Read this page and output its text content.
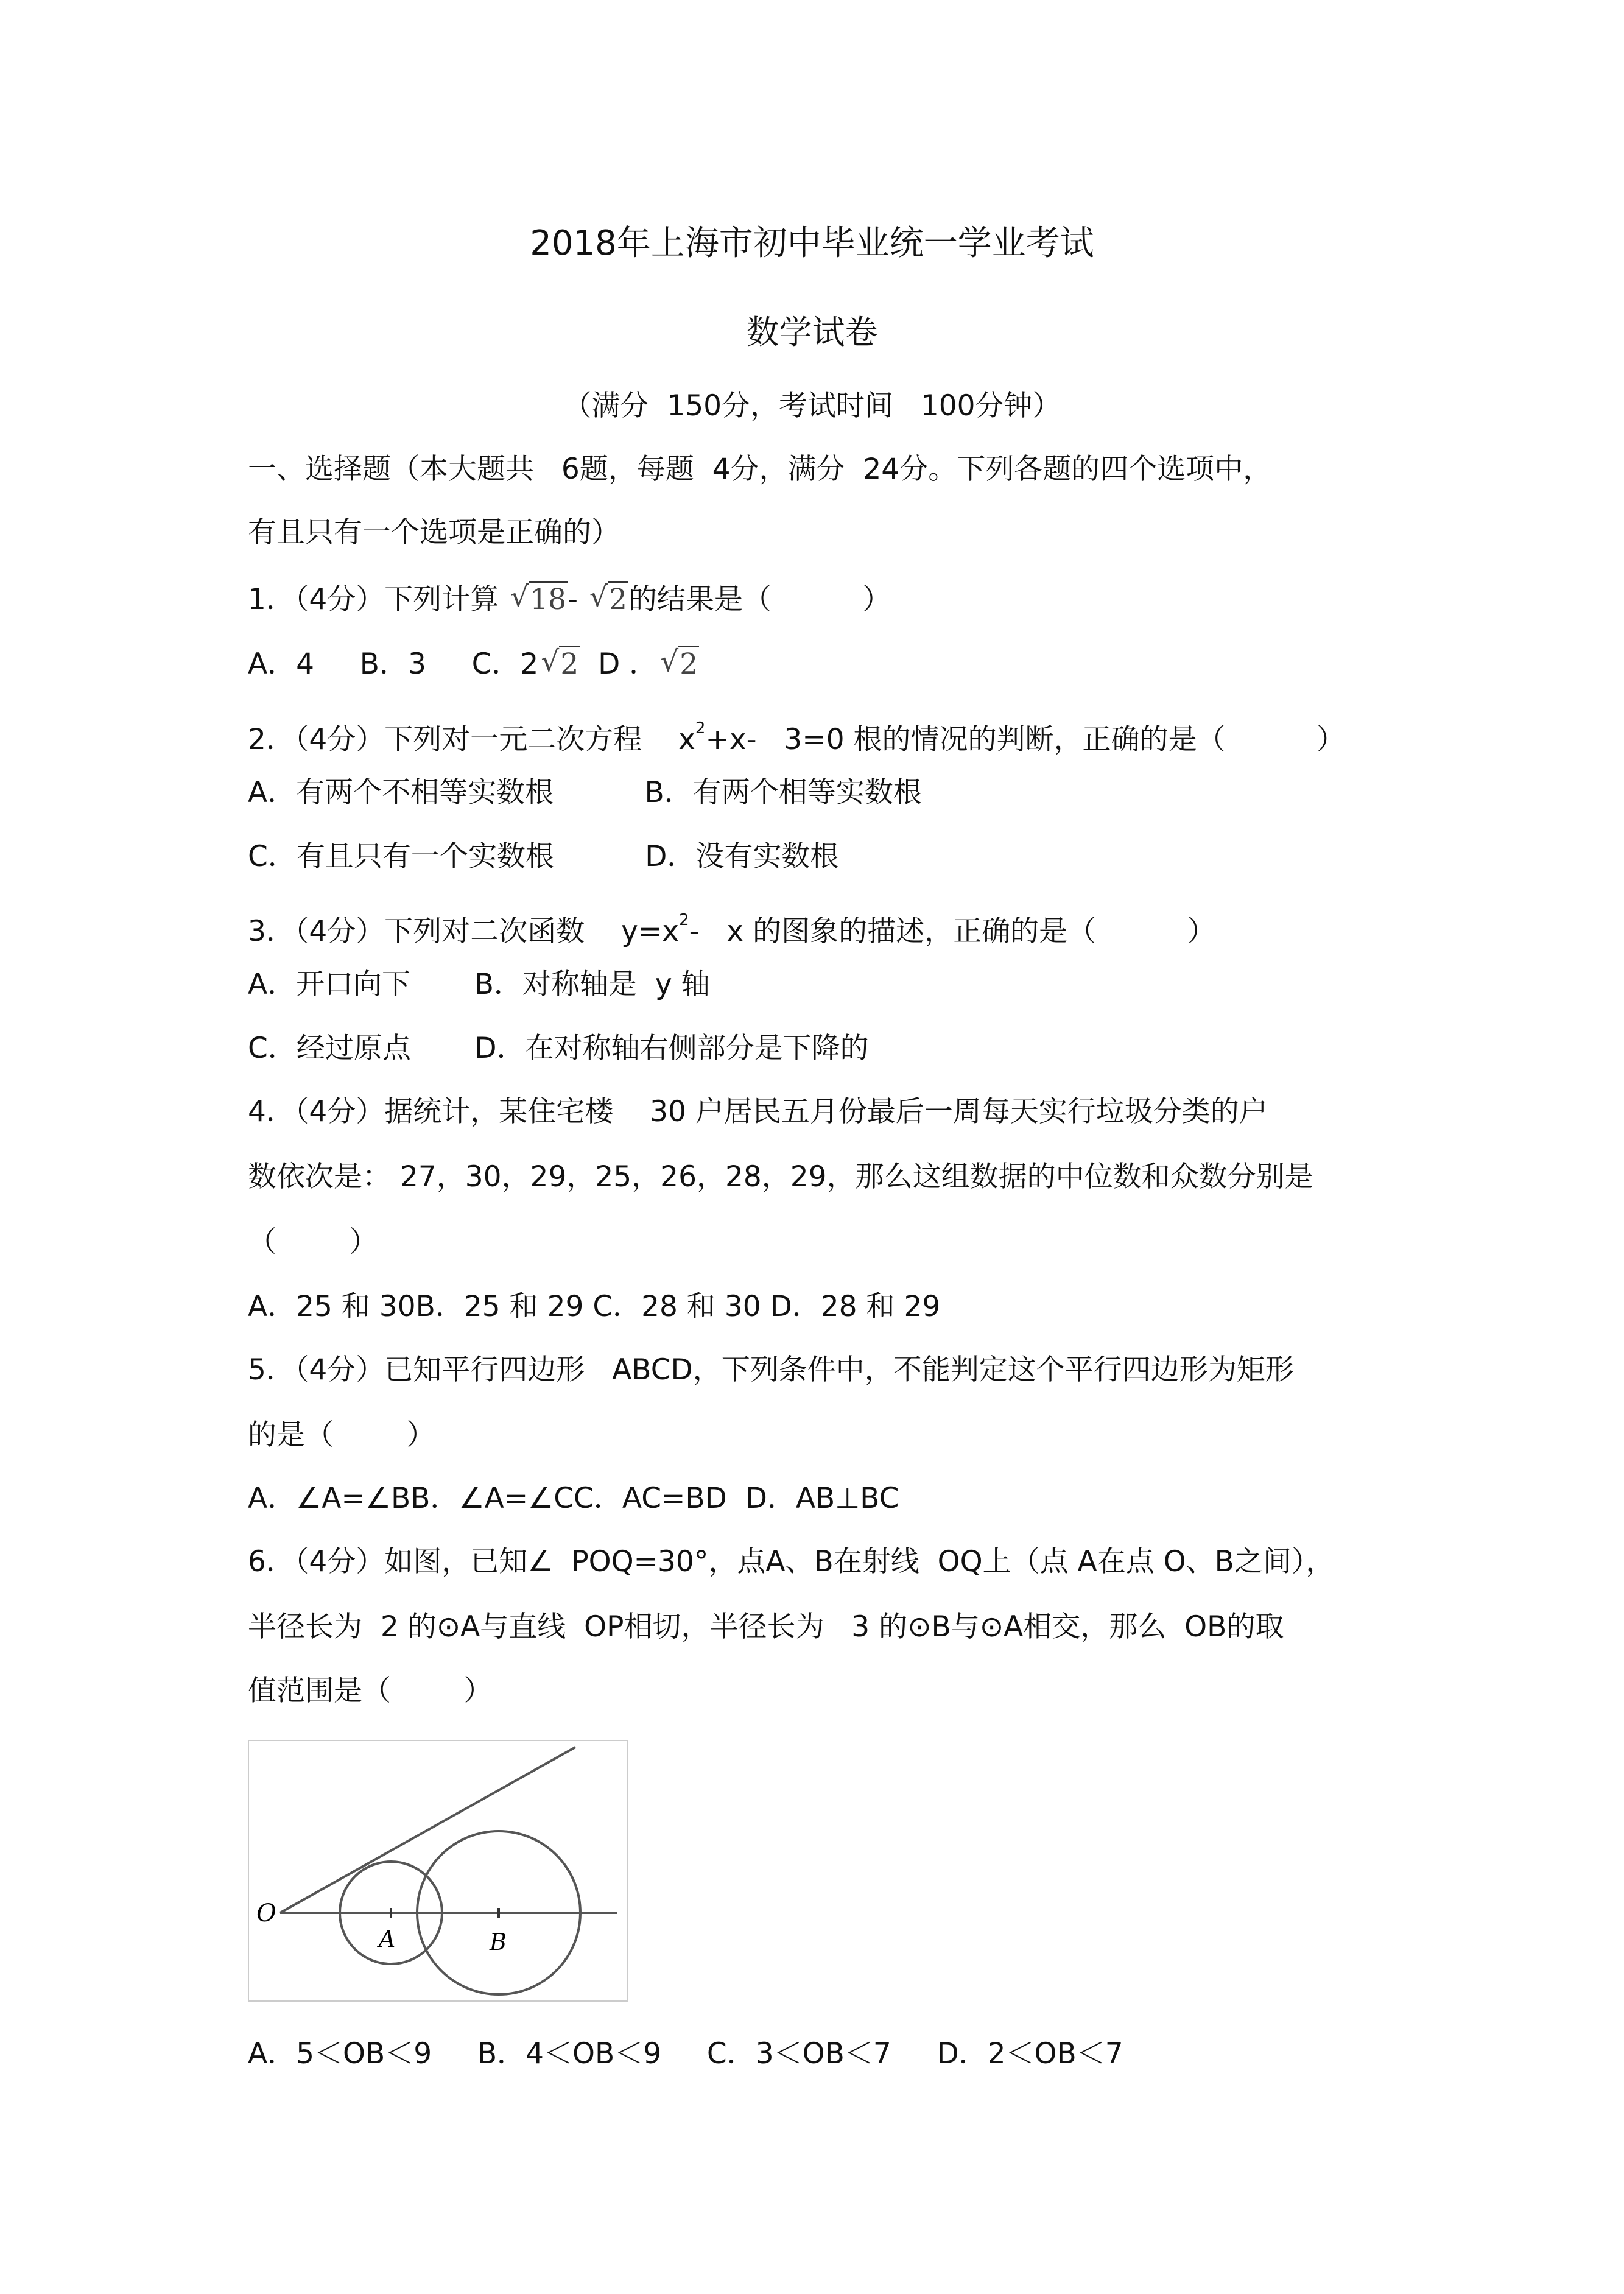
2018年上海市初中毕业统一学业考试
数学试卷
（满分  150分，考试时间   100分钟）
一、选择题（本大题共   6题，每题  4分，满分  24分。下列各题的四个选项中，
有且只有一个选项是正确的）
1．（4分）下列计算 √ 18- √ 2的结果是（          ）
A．4     B．3     C．2 √ 2  D ． √ 2
2．（4分）下列对一元二次方程    $x^2+x-$   3=0 根的情况的判断，正确的是（          ）
A．有两个不相等实数根          B．有两个相等实数根
C．有且只有一个实数根          D．没有实数根
3．（4分）下列对二次函数    $y=x^2-$   x 的图象的描述，正确的是（          ）
A．开口向下       B．对称轴是  y 轴
C．经过原点       D．在对称轴右侧部分是下降的
4．（4分）据统计，某住宅楼    30 户居民五月份最后一周每天实行垃圾分类的户
数依次是： 27，30，29，25，26，28，29，那么这组数据的中位数和众数分别是
（        ）
A．25 和 30B．25 和 29 C．28 和 30 D．28 和 29
5．（4分）已知平行四边形   ABCD，下列条件中，不能判定这个平行四边形为矩形
的是（        ）
A．∠A=∠BB．∠A=∠CC．AC=BD  D．AB⊥BC
6．（4分）如图，已知∠  POQ=30°，点A、B在射线  OQ上（点 A在点 O、B之间），
半径长为  2 的⊙A与直线  OP相切，半径长为   3 的⊙B与⊙A相交，那么  OB的取
值范围是（        ）
O
A	B
A．5＜OB＜9     B．4＜OB＜9     C．3＜OB＜7     D．2＜OB＜7
